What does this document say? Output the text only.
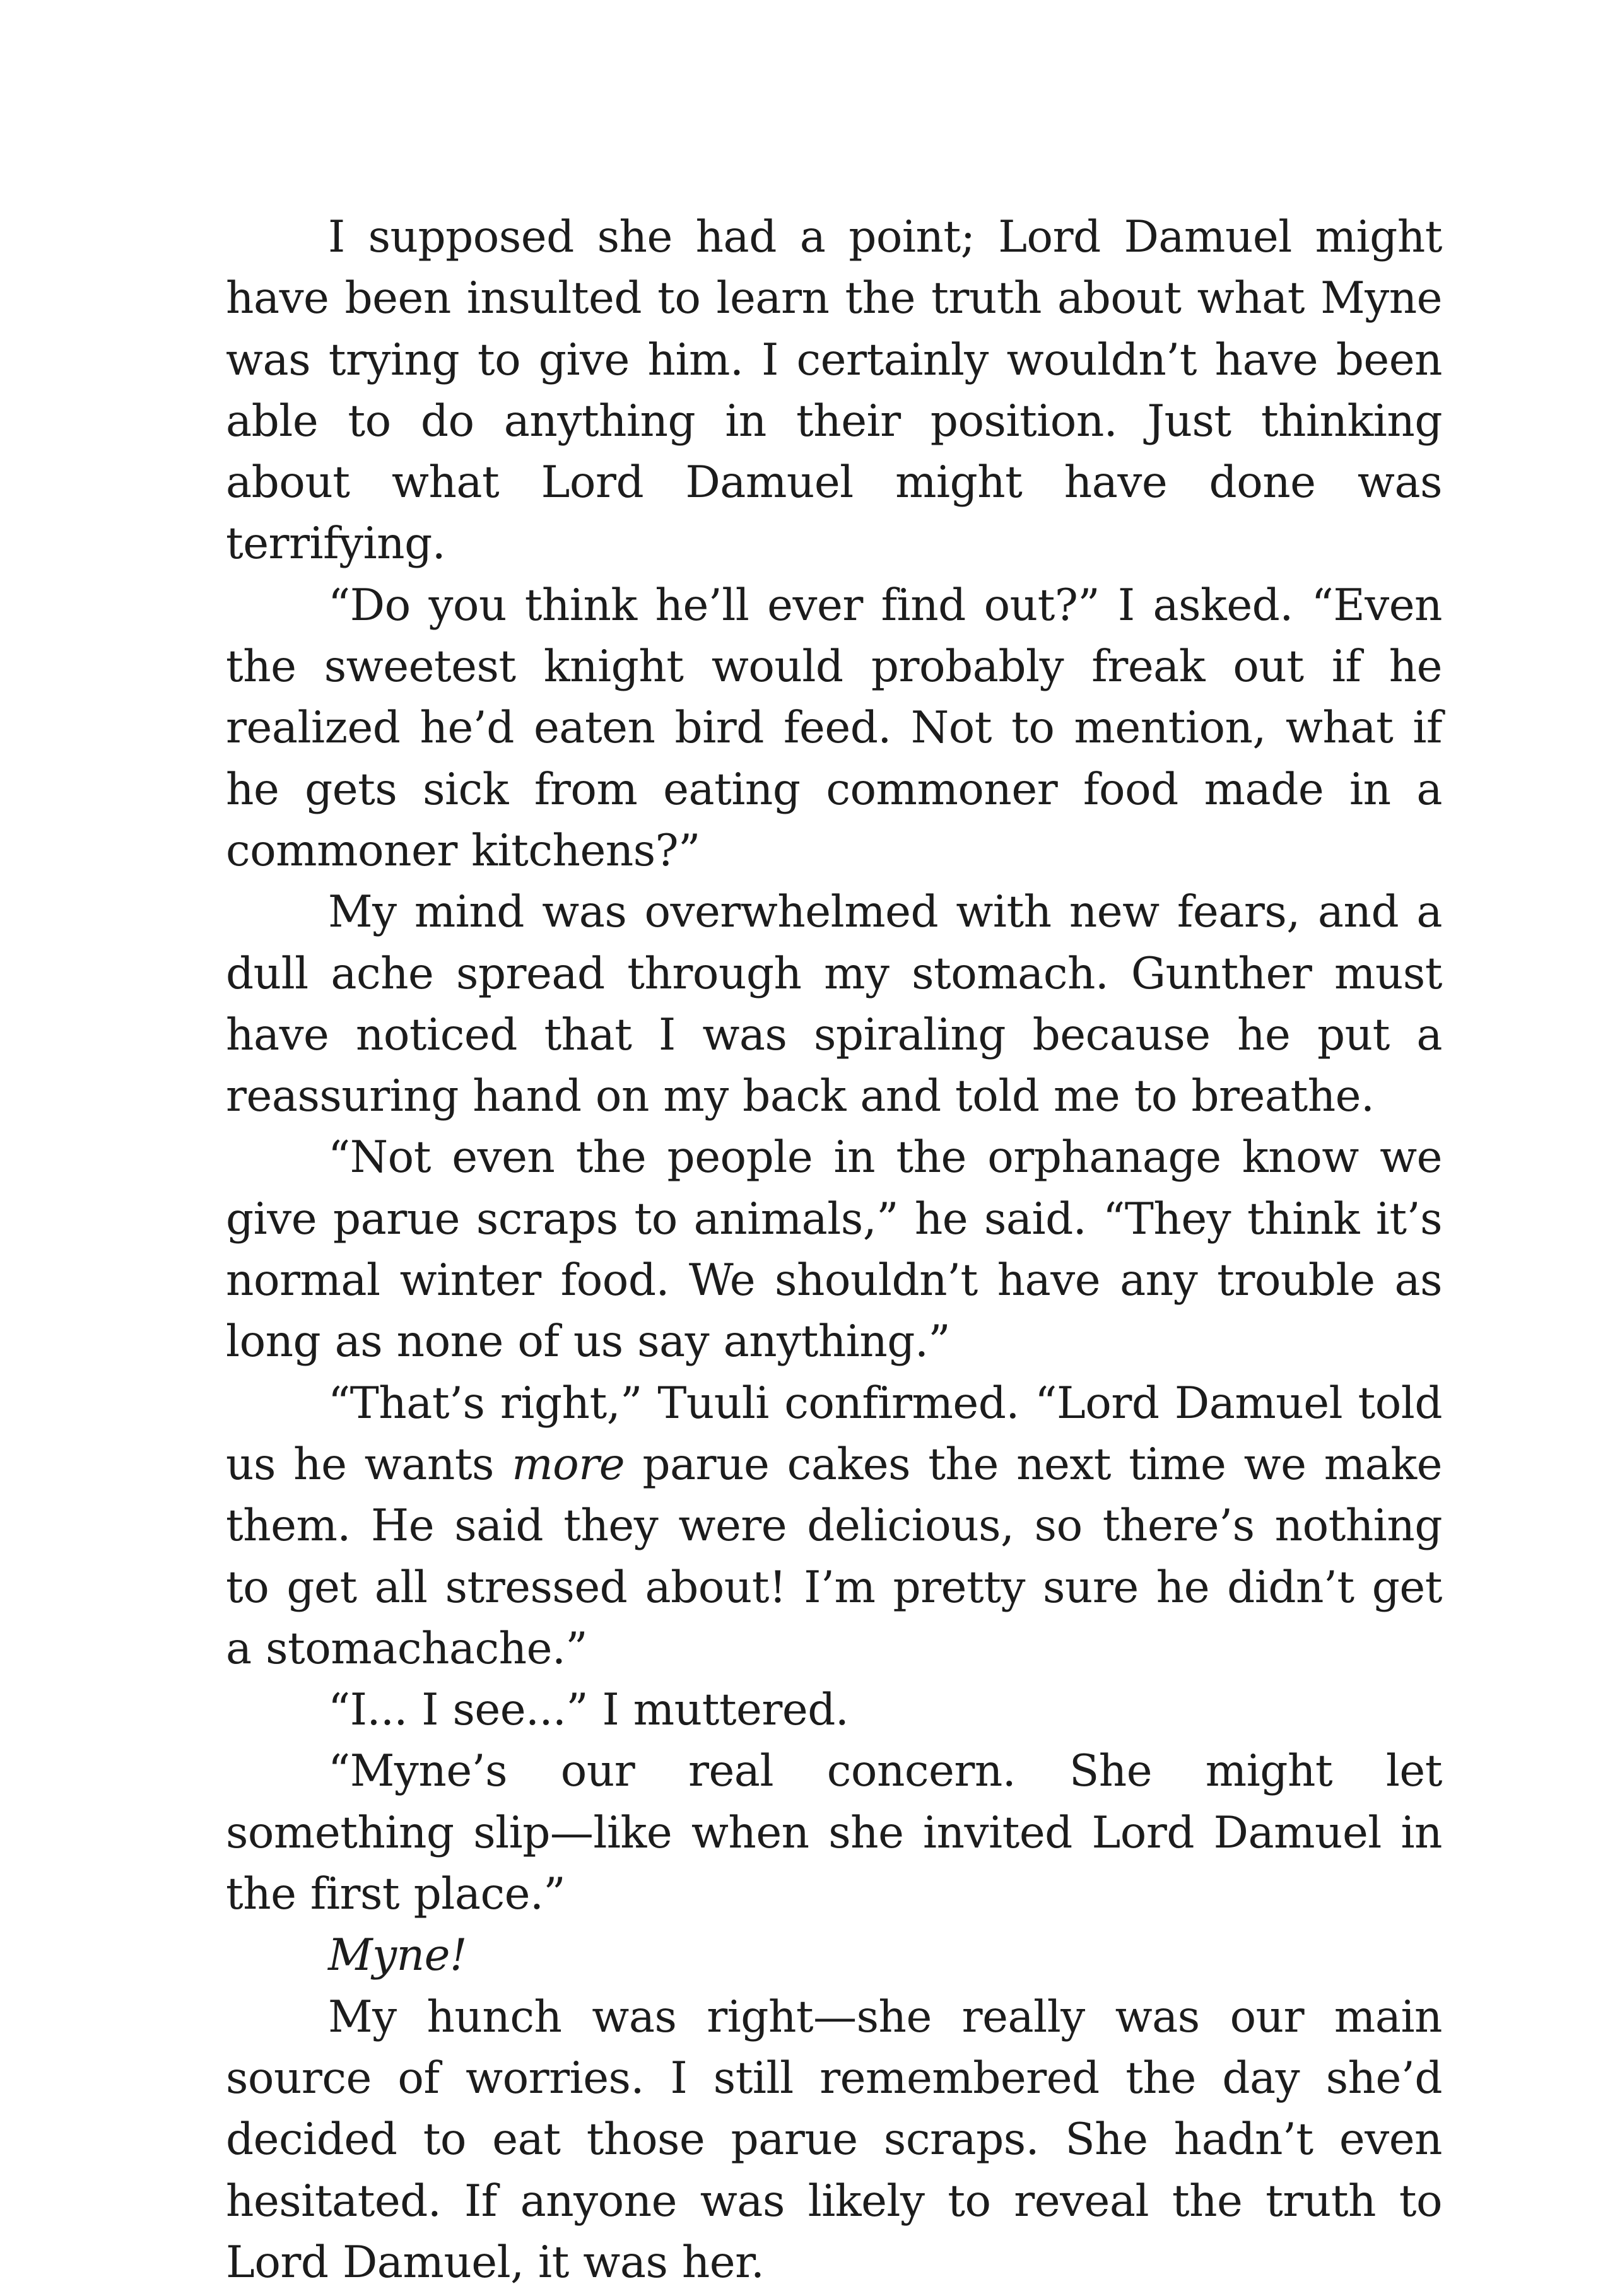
I supposed she had a point; Lord Damuel might have been insulted to learn the truth about what Myne was trying to give him. I certainly wouldn’t have been able to do anything in their position. Just thinking about what Lord Damuel might have done was terrifying.

“Do you think he’ll ever find out?” I asked. “Even the sweetest knight would probably freak out if he realized he’d eaten bird feed. Not to mention, what if he gets sick from eating commoner food made in a commoner kitchens?”

My mind was overwhelmed with new fears, and a dull ache spread through my stomach. Gunther must have noticed that I was spiraling because he put a reassuring hand on my back and told me to breathe.

“Not even the people in the orphanage know we give parue scraps to animals,” he said. “They think it’s normal winter food. We shouldn’t have any trouble as long as none of us say anything.”

“That’s right,” Tuuli confirmed. “Lord Damuel told us he wants more parue cakes the next time we make them. He said they were delicious, so there’s nothing to get all stressed about! I’m pretty sure he didn’t get a stomachache.”

“I... I see...” I muttered.

“Myne’s our real concern. She might let something slip—like when she invited Lord Damuel in the first place.”

Myne!

My hunch was right—she really was our main source of worries. I still remembered the day she’d decided to eat those parue scraps. She hadn’t even hesitated. If anyone was likely to reveal the truth to Lord Damuel, it was her.
